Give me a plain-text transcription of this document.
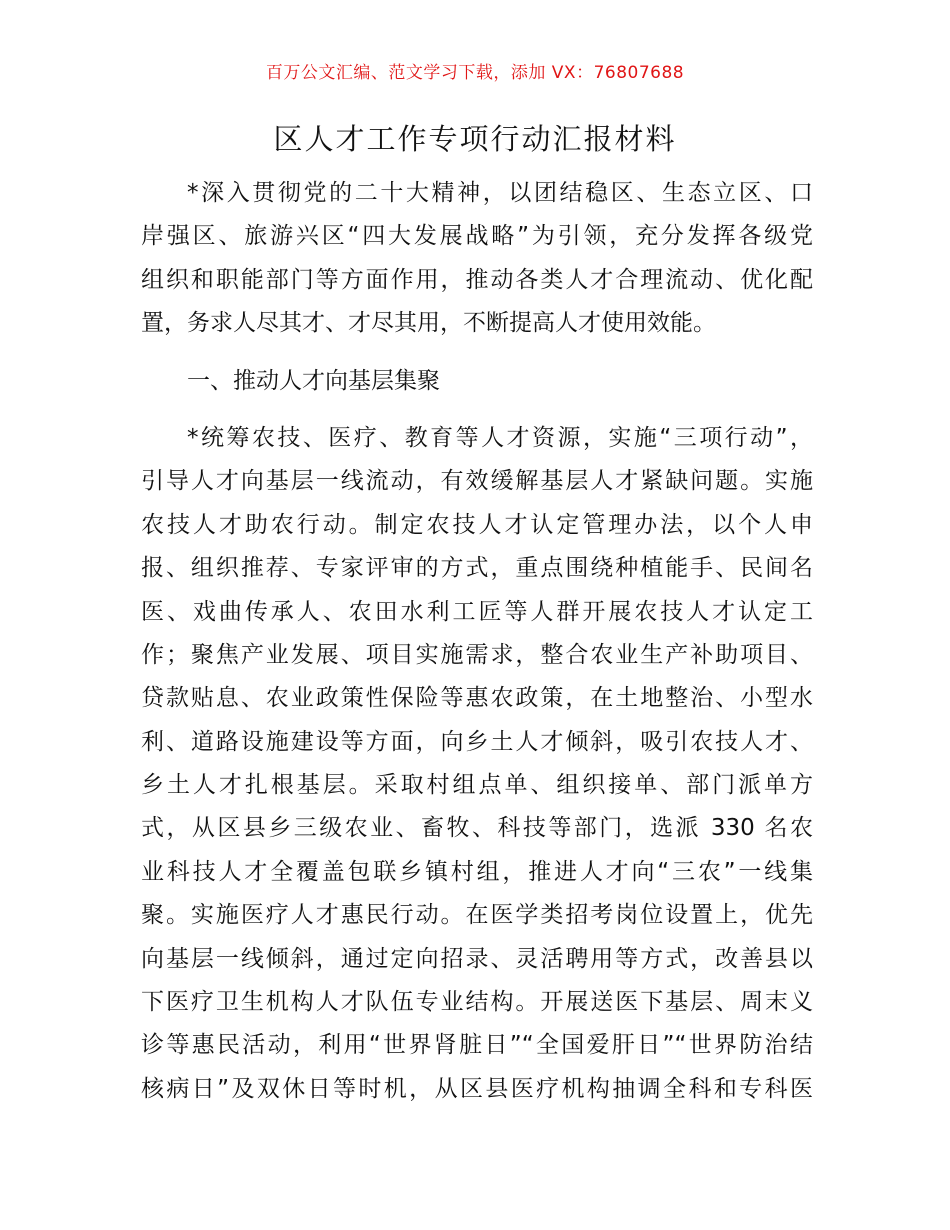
百万公文汇编、范文学习下载，添加 VX：76807688
区人才工作专项行动汇报材料
*深入贯彻党的二十大精神，以团结稳区、生态立区、口
岸强区、旅游兴区“四大发展战略”为引领，充分发挥各级党
组织和职能部门等方面作用，推动各类人才合理流动、优化配
置，务求人尽其才、才尽其用，不断提高人才使用效能。
一、推动人才向基层集聚
*统筹农技、医疗、教育等人才资源，实施“三项行动”，
引导人才向基层一线流动，有效缓解基层人才紧缺问题。实施
农技人才助农行动。制定农技人才认定管理办法，以个人申
报、组织推荐、专家评审的方式，重点围绕种植能手、民间名
医、戏曲传承人、农田水利工匠等人群开展农技人才认定工
作；聚焦产业发展、项目实施需求，整合农业生产补助项目、
贷款贴息、农业政策性保险等惠农政策，在土地整治、小型水
利、道路设施建设等方面，向乡土人才倾斜，吸引农技人才、
乡土人才扎根基层。采取村组点单、组织接单、部门派单方
式，从区县乡三级农业、畜牧、科技等部门，选派 330 名农
业科技人才全覆盖包联乡镇村组，推进人才向“三农”一线集
聚。实施医疗人才惠民行动。在医学类招考岗位设置上，优先
向基层一线倾斜，通过定向招录、灵活聘用等方式，改善县以
下医疗卫生机构人才队伍专业结构。开展送医下基层、周末义
诊等惠民活动，利用“世界肾脏日”“全国爱肝日”“世界防治结
核病日”及双休日等时机，从区县医疗机构抽调全科和专科医
